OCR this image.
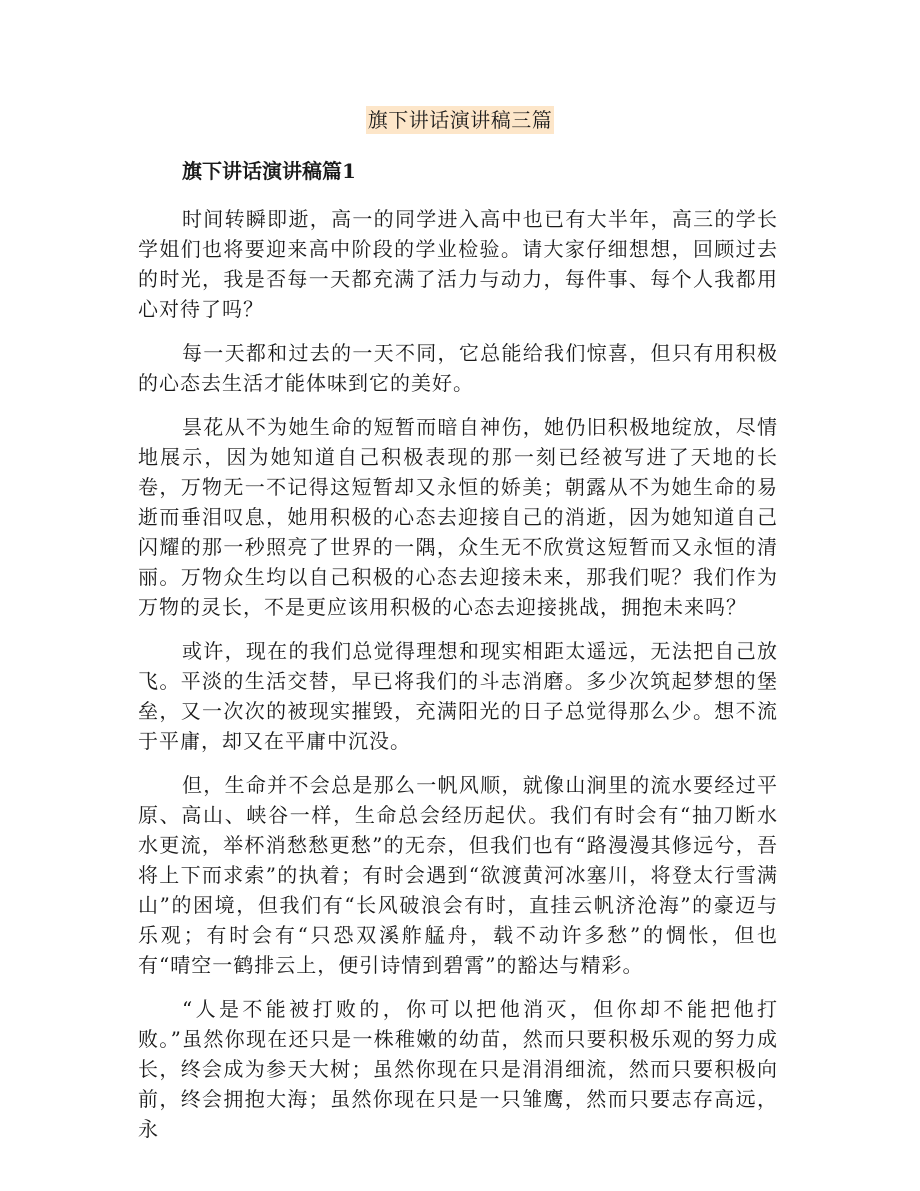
旗下讲话演讲稿三篇
旗下讲话演讲稿篇1

时间转瞬即逝，高一的同学进入高中也已有大半年，高三的学长学姐们也将要迎来高中阶段的学业检验。请大家仔细想想，回顾过去的时光，我是否每一天都充满了活力与动力，每件事、每个人我都用心对待了吗？

每一天都和过去的一天不同，它总能给我们惊喜，但只有用积极的心态去生活才能体味到它的美好。

昙花从不为她生命的短暂而暗自神伤，她仍旧积极地绽放，尽情地展示，因为她知道自己积极表现的那一刻已经被写进了天地的长卷，万物无一不记得这短暂却又永恒的娇美；朝露从不为她生命的易逝而垂泪叹息，她用积极的心态去迎接自己的消逝，因为她知道自己闪耀的那一秒照亮了世界的一隅，众生无不欣赏这短暂而又永恒的清丽。万物众生均以自己积极的心态去迎接未来，那我们呢？我们作为万物的灵长，不是更应该用积极的心态去迎接挑战，拥抱未来吗？

或许，现在的我们总觉得理想和现实相距太遥远，无法把自己放飞。平淡的生活交替，早已将我们的斗志消磨。多少次筑起梦想的堡垒，又一次次的被现实摧毁，充满阳光的日子总觉得那么少。想不流于平庸，却又在平庸中沉没。

但，生命并不会总是那么一帆风顺，就像山涧里的流水要经过平原、高山、峡谷一样，生命总会经历起伏。我们有时会有“抽刀断水水更流，举杯消愁愁更愁”的无奈，但我们也有“路漫漫其修远兮，吾将上下而求索”的执着；有时会遇到“欲渡黄河冰塞川，将登太行雪满山”的困境，但我们有“长风破浪会有时，直挂云帆济沧海”的豪迈与乐观；有时会有“只恐双溪舴艋舟，载不动许多愁”的惆怅，但也有“晴空一鹤排云上，便引诗情到碧霄”的豁达与精彩。

“人是不能被打败的，你可以把他消灭，但你却不能把他打败。”虽然你现在还只是一株稚嫩的幼苗，然而只要积极乐观的努力成长，终会成为参天大树；虽然你现在只是涓涓细流，然而只要积极向前，终会拥抱大海；虽然你现在只是一只雏鹰，然而只要志存高远，永
